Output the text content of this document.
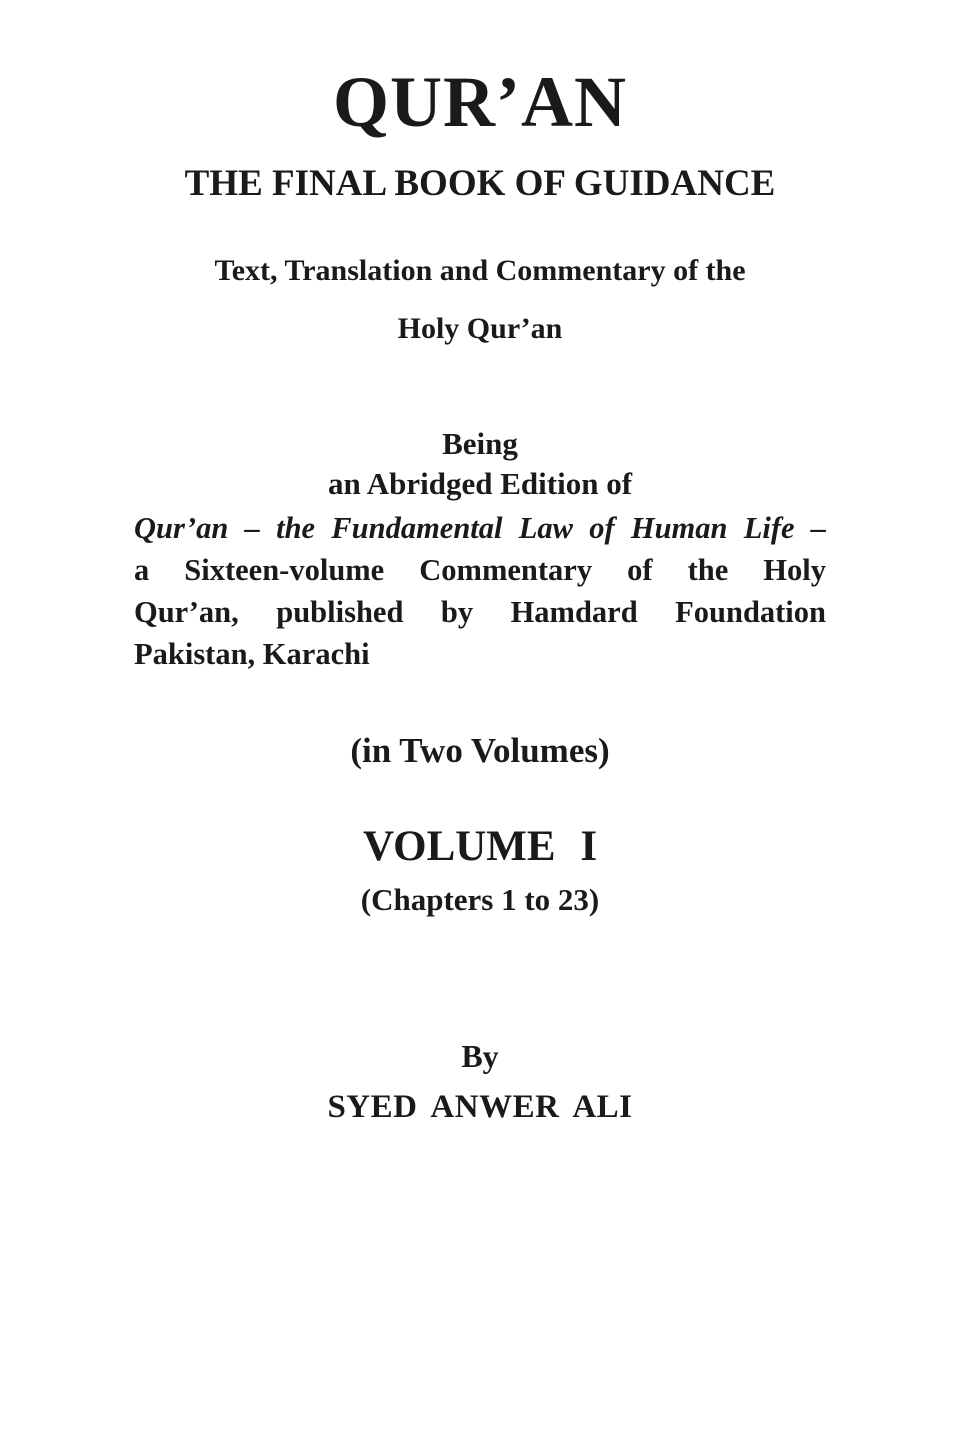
QUR’AN
THE FINAL BOOK OF GUIDANCE
Text, Translation and Commentary of the
Holy Qur’an
Being
an Abridged Edition of
Qur’an – the Fundamental Law of Human Life –
a Sixteen-volume Commentary of the Holy
Qur’an, published by Hamdard Foundation
Pakistan, Karachi
(in Two Volumes)
VOLUME I
(Chapters 1 to 23)
By
SYED ANWER ALI
